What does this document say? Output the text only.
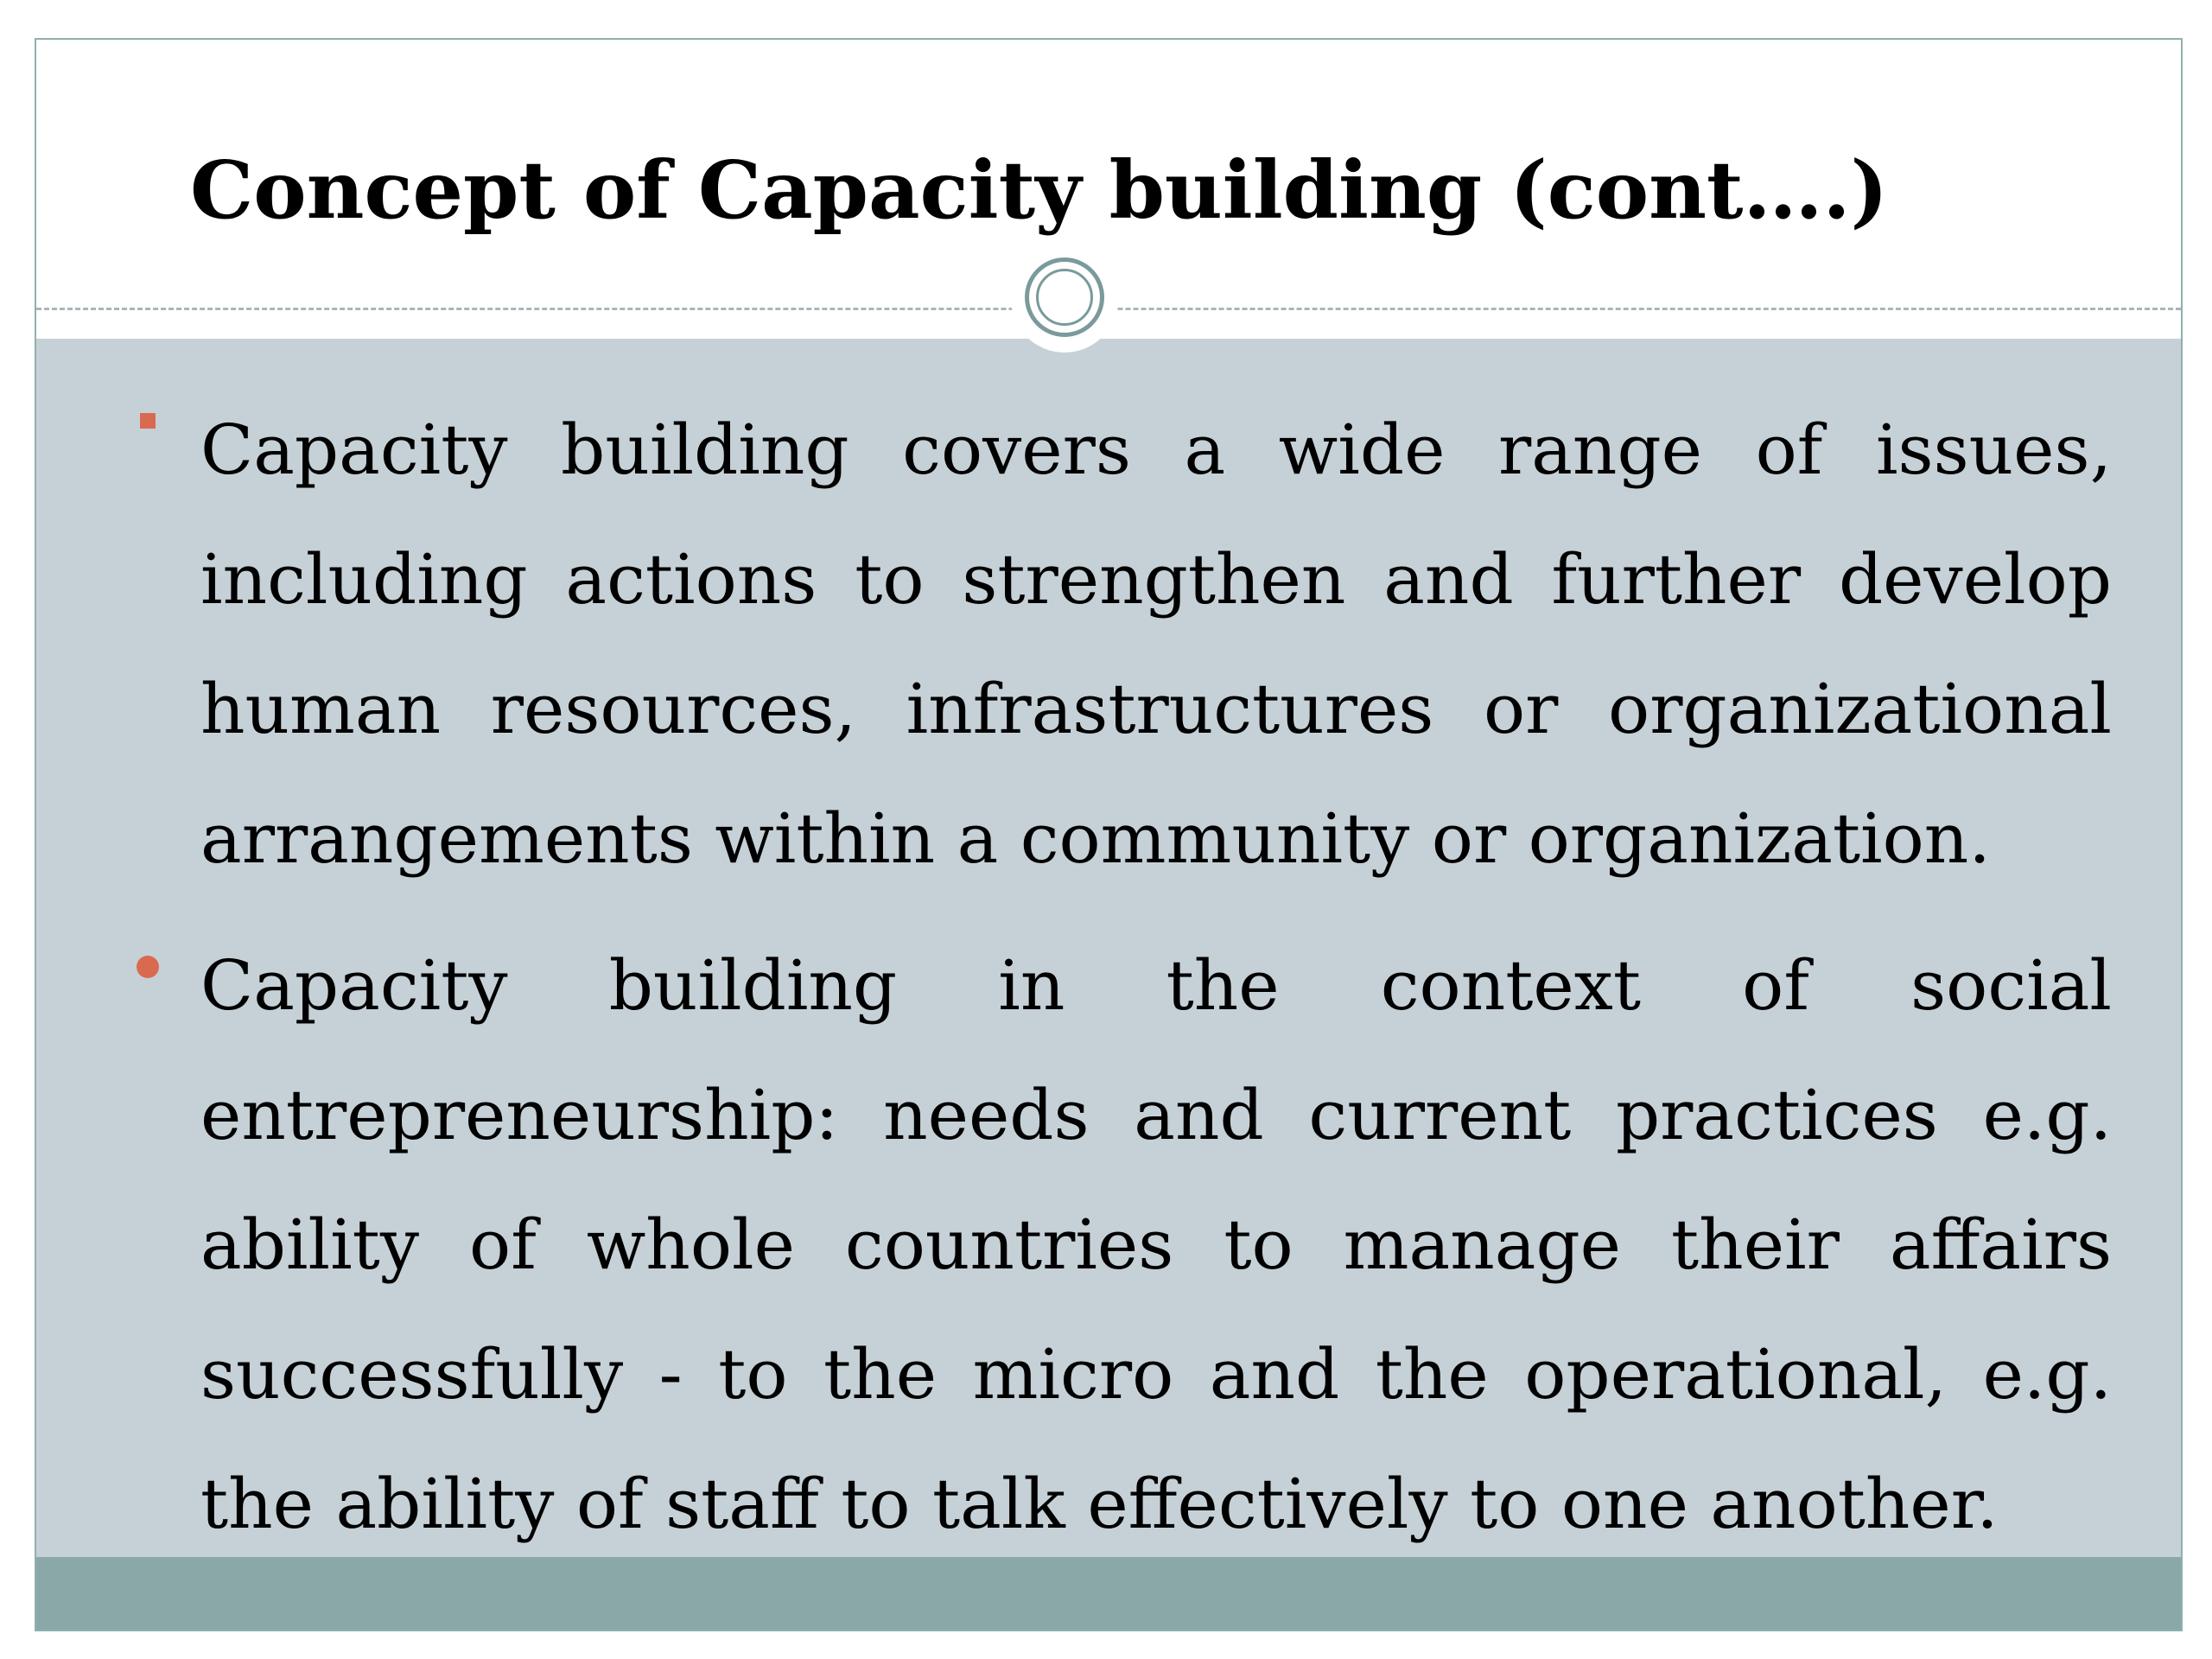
Concept of Capacity building (cont….)
Capacity building covers a wide range of issues, including actions to strengthen and further develop human resources, infrastructures or organizational arrangements within a community or organization.
Capacity building in the context of social entrepreneurship: needs and current practices e.g. ability of whole countries to manage their affairs successfully - to the micro and the operational, e.g. the ability of staff to talk effectively to one another.
